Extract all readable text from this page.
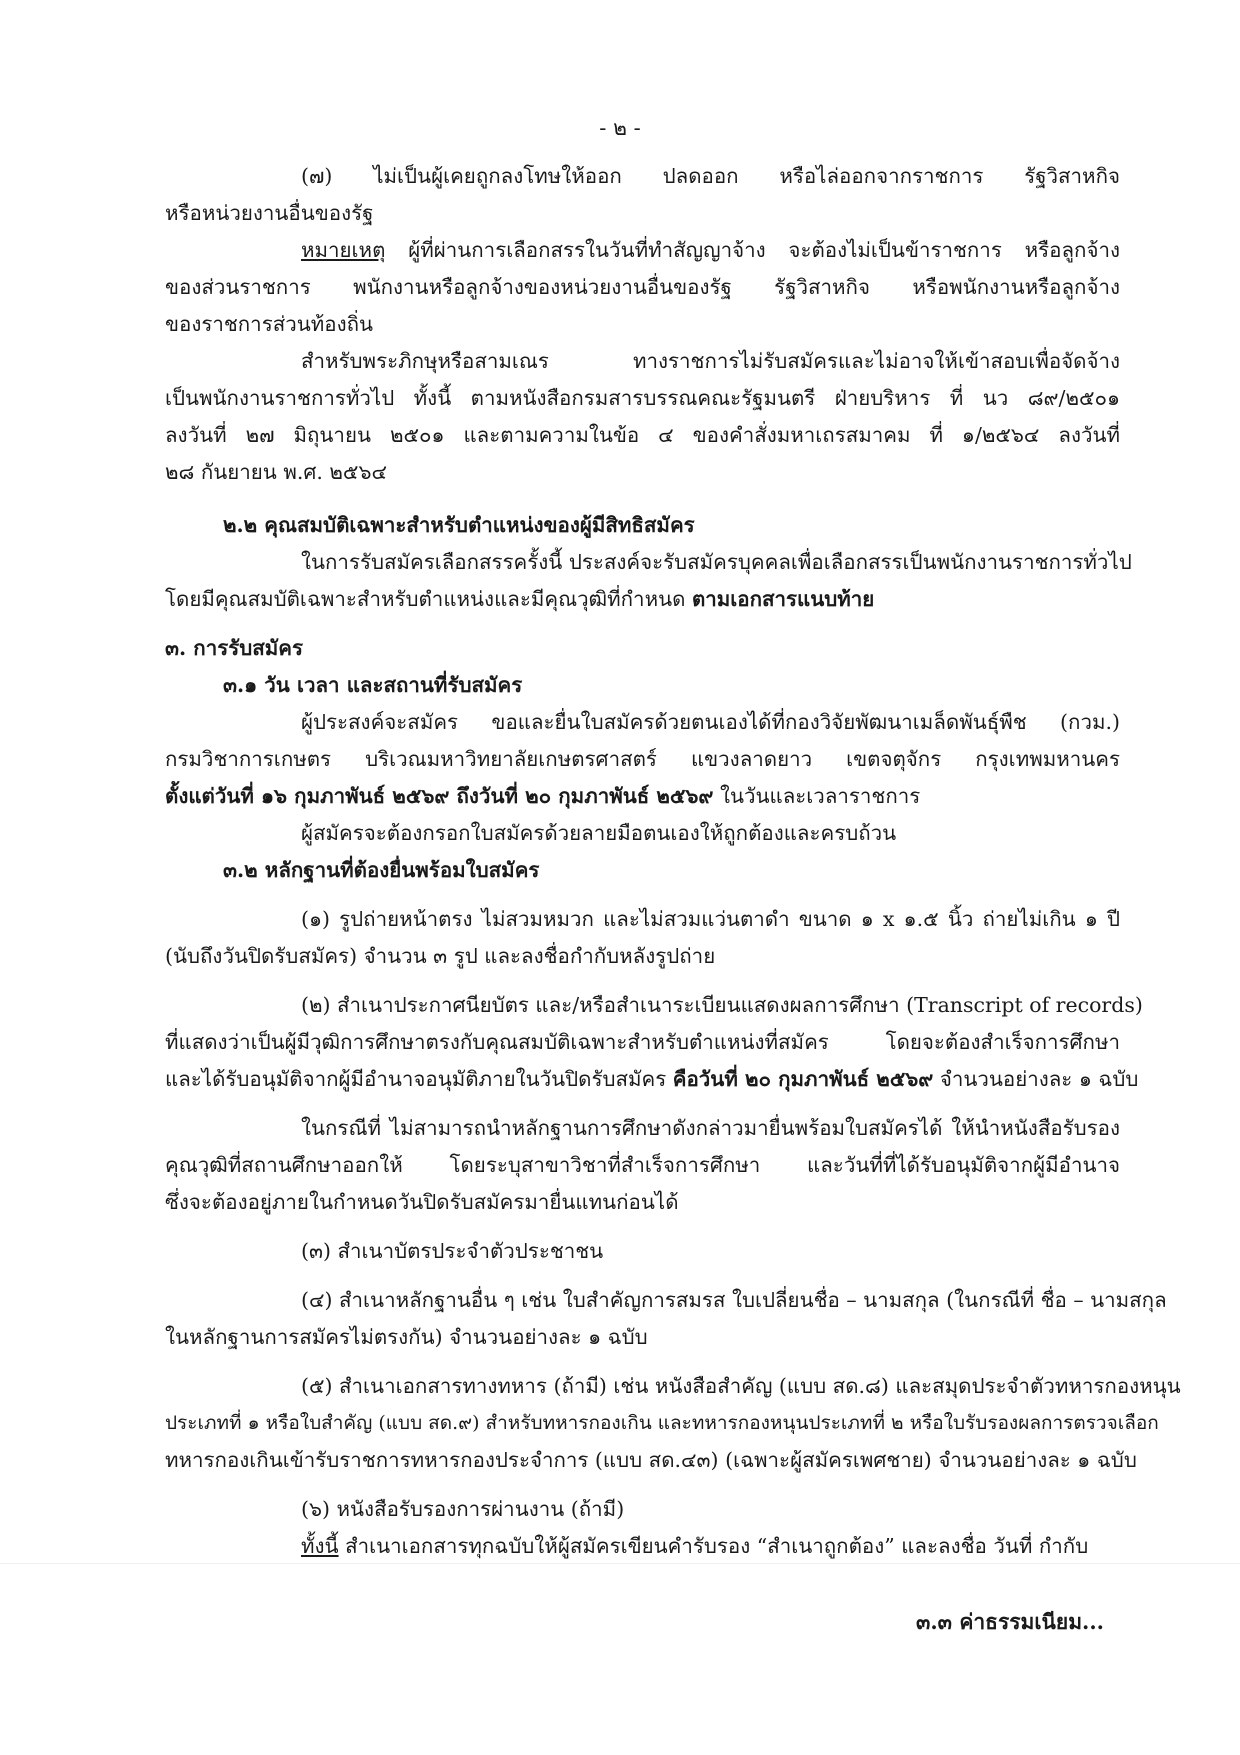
- ๒ -
(๗) ไม่เป็นผู้เคยถูกลงโทษให้ออก ปลดออก หรือไล่ออกจากราชการ รัฐวิสาหกิจ
หรือหน่วยงานอื่นของรัฐ
หมายเหตุ ผู้ที่ผ่านการเลือกสรรในวันที่ทำสัญญาจ้าง จะต้องไม่เป็นข้าราชการ หรือลูกจ้าง
ของส่วนราชการ พนักงานหรือลูกจ้างของหน่วยงานอื่นของรัฐ รัฐวิสาหกิจ หรือพนักงานหรือลูกจ้าง
ของราชการส่วนท้องถิ่น
สำหรับพระภิกษุหรือสามเณร ทางราชการไม่รับสมัครและไม่อาจให้เข้าสอบเพื่อจัดจ้าง
เป็นพนักงานราชการทั่วไป ทั้งนี้ ตามหนังสือกรมสารบรรณคณะรัฐมนตรี ฝ่ายบริหาร ที่ นว ๘๙/๒๕๐๑
ลงวันที่ ๒๗ มิถุนายน ๒๕๐๑ และตามความในข้อ ๔ ของคำสั่งมหาเถรสมาคม ที่ ๑/๒๕๖๔ ลงวันที่
๒๘ กันยายน พ.ศ. ๒๕๖๔
๒.๒ คุณสมบัติเฉพาะสำหรับตำแหน่งของผู้มีสิทธิสมัคร
ในการรับสมัครเลือกสรรครั้งนี้ ประสงค์จะรับสมัครบุคคลเพื่อเลือกสรรเป็นพนักงานราชการทั่วไป
โดยมีคุณสมบัติเฉพาะสำหรับตำแหน่งและมีคุณวุฒิที่กำหนด ตามเอกสารแนบท้าย
๓. การรับสมัคร
๓.๑ วัน เวลา และสถานที่รับสมัคร
ผู้ประสงค์จะสมัคร ขอและยื่นใบสมัครด้วยตนเองได้ที่กองวิจัยพัฒนาเมล็ดพันธุ์พืช (กวม.)
กรมวิชาการเกษตร บริเวณมหาวิทยาลัยเกษตรศาสตร์ แขวงลาดยาว เขตจตุจักร กรุงเทพมหานคร
ตั้งแต่วันที่ ๑๖ กุมภาพันธ์ ๒๕๖๙ ถึงวันที่ ๒๐ กุมภาพันธ์ ๒๕๖๙ ในวันและเวลาราชการ
ผู้สมัครจะต้องกรอกใบสมัครด้วยลายมือตนเองให้ถูกต้องและครบถ้วน
๓.๒ หลักฐานที่ต้องยื่นพร้อมใบสมัคร
(๑) รูปถ่ายหน้าตรง ไม่สวมหมวก และไม่สวมแว่นตาดำ ขนาด ๑ x ๑.๕ นิ้ว ถ่ายไม่เกิน ๑ ปี
(นับถึงวันปิดรับสมัคร) จำนวน ๓ รูป และลงชื่อกำกับหลังรูปถ่าย
(๒) สำเนาประกาศนียบัตร และ/หรือสำเนาระเบียนแสดงผลการศึกษา (Transcript of records)
ที่แสดงว่าเป็นผู้มีวุฒิการศึกษาตรงกับคุณสมบัติเฉพาะสำหรับตำแหน่งที่สมัคร โดยจะต้องสำเร็จการศึกษา
และได้รับอนุมัติจากผู้มีอำนาจอนุมัติภายในวันปิดรับสมัคร คือวันที่ ๒๐ กุมภาพันธ์ ๒๕๖๙ จำนวนอย่างละ ๑ ฉบับ
ในกรณีที่ ไม่สามารถนำหลักฐานการศึกษาดังกล่าวมายื่นพร้อมใบสมัครได้ ให้นำหนังสือรับรอง
คุณวุฒิที่สถานศึกษาออกให้ โดยระบุสาขาวิชาที่สำเร็จการศึกษา และวันที่ที่ได้รับอนุมัติจากผู้มีอำนาจ
ซึ่งจะต้องอยู่ภายในกำหนดวันปิดรับสมัครมายื่นแทนก่อนได้
(๓) สำเนาบัตรประจำตัวประชาชน
(๔) สำเนาหลักฐานอื่น ๆ เช่น ใบสำคัญการสมรส ใบเปลี่ยนชื่อ – นามสกุล (ในกรณีที่ ชื่อ – นามสกุล
ในหลักฐานการสมัครไม่ตรงกัน) จำนวนอย่างละ ๑ ฉบับ
(๕) สำเนาเอกสารทางทหาร (ถ้ามี) เช่น หนังสือสำคัญ (แบบ สด.๘) และสมุดประจำตัวทหารกองหนุน
ประเภทที่ ๑ หรือใบสำคัญ (แบบ สด.๙) สำหรับทหารกองเกิน และทหารกองหนุนประเภทที่ ๒ หรือใบรับรองผลการตรวจเลือก
ทหารกองเกินเข้ารับราชการทหารกองประจำการ (แบบ สด.๔๓) (เฉพาะผู้สมัครเพศชาย) จำนวนอย่างละ ๑ ฉบับ
(๖) หนังสือรับรองการผ่านงาน (ถ้ามี)
ทั้งนี้ สำเนาเอกสารทุกฉบับให้ผู้สมัครเขียนคำรับรอง “สำเนาถูกต้อง” และลงชื่อ วันที่ กำกับ
๓.๓ ค่าธรรมเนียม...
